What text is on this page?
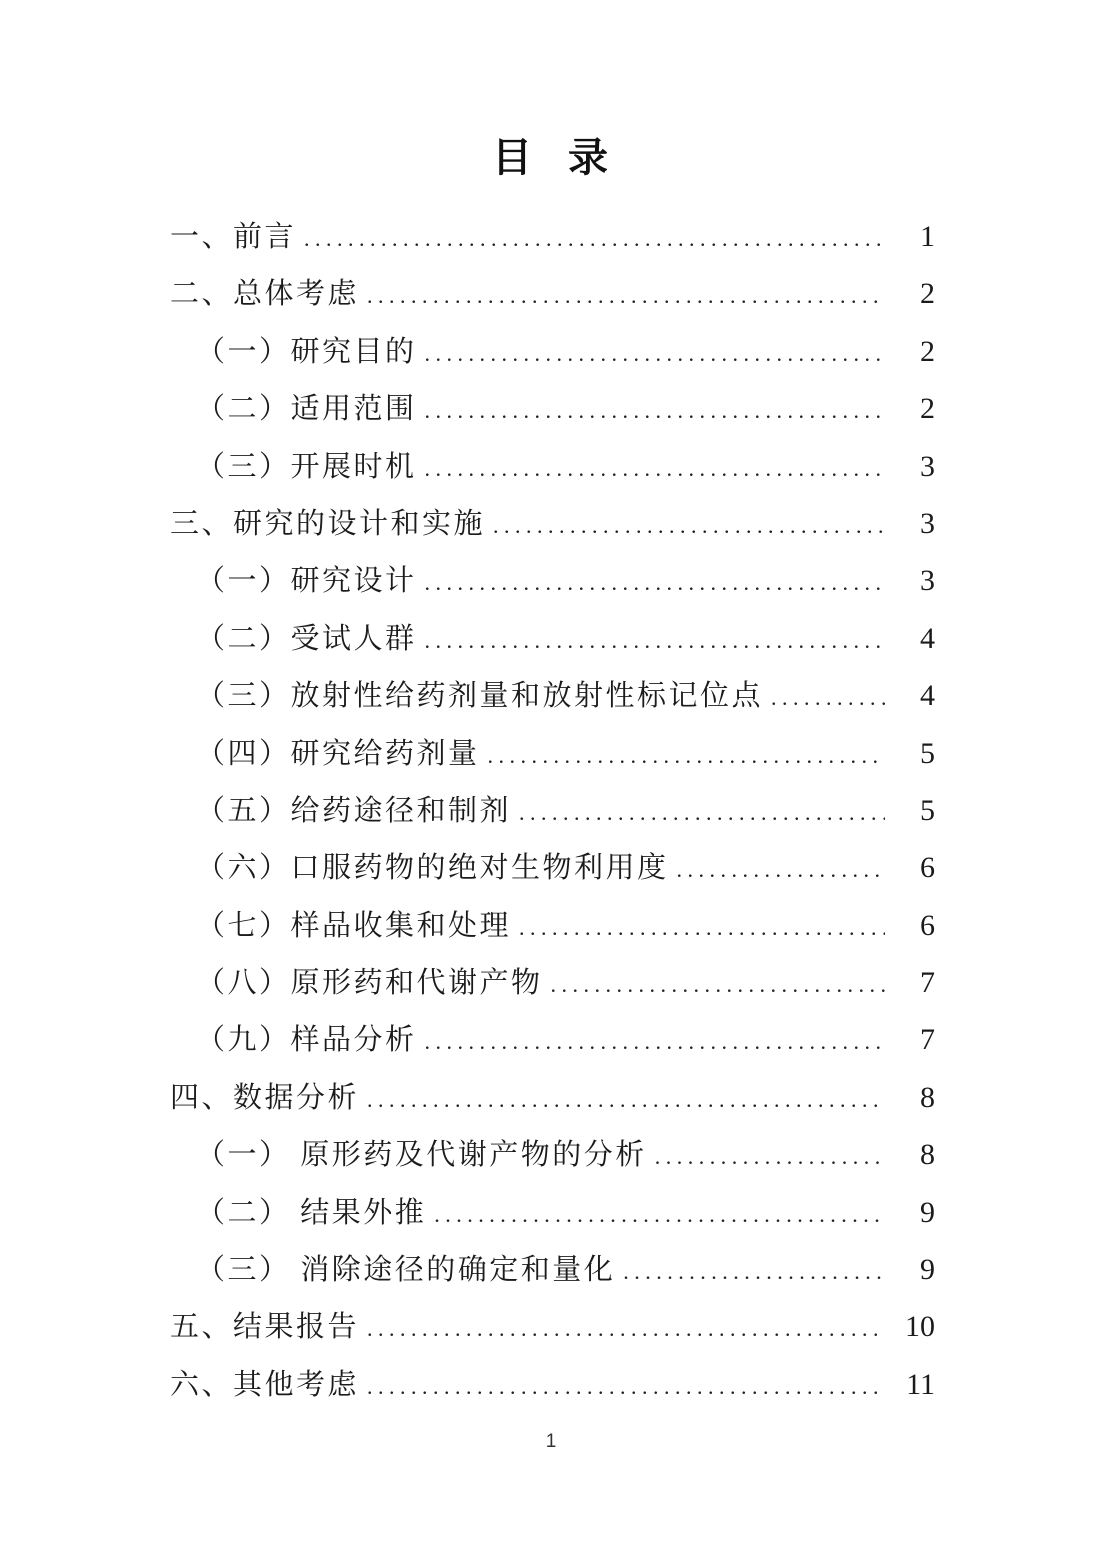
目 录
一、前言 .....	1
二、总体考虑 .....	2
（一）研究目的 .....	2
（二）适用范围 .....	2
（三）开展时机 .....	3
三、研究的设计和实施 .....	3
（一）研究设计 .....	3
（二）受试人群 .....	4
（三）放射性给药剂量和放射性标记位点 .....	4
（四）研究给药剂量 .....	5
（五）给药途径和制剂 .....	5
（六）口服药物的绝对生物利用度 .....	6
（七）样品收集和处理 .....	6
（八）原形药和代谢产物 .....	7
（九）样品分析 .....	7
四、数据分析 .....	8
（一） 原形药及代谢产物的分析 .....	8
（二） 结果外推 .....	9
（三） 消除途径的确定和量化 .....	9
五、结果报告 .....	10
六、其他考虑 .....	11
1
